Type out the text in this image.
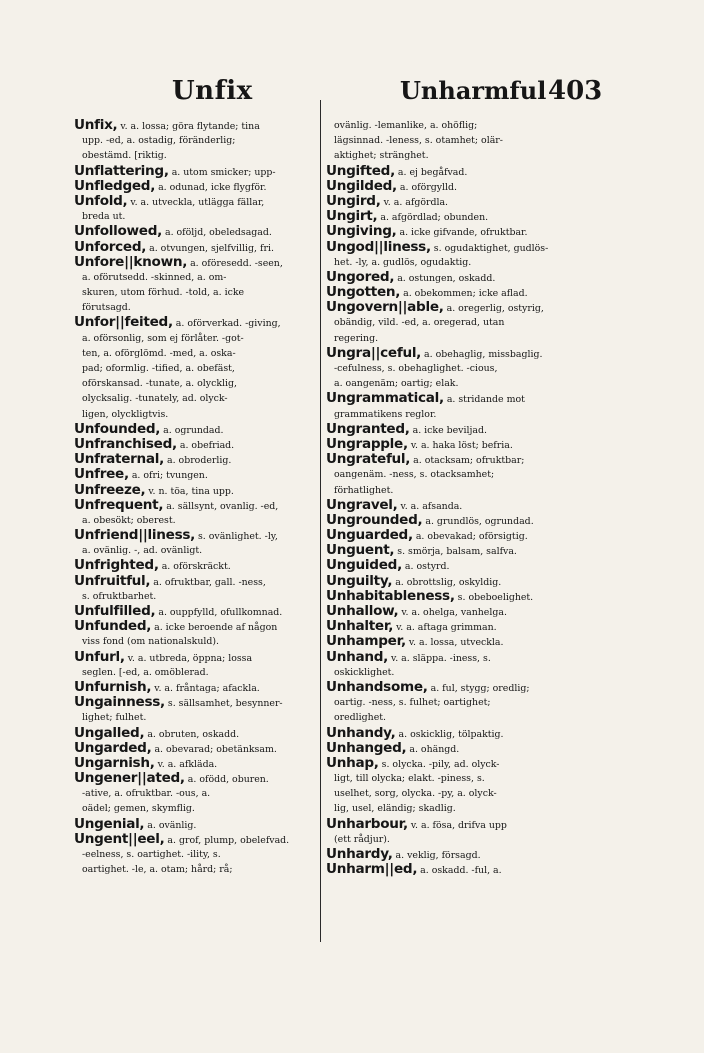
Unfix	Unharmful 403
Unfix, v. a. lossa; göra flytande; tina
upp. -ed, a. ostadig, föränderlig;
obestämd. [riktig.
Unflattering, a. utom smicker; upp-
Unfledged, a. odunad, icke flygför.
Unfold, v. a. utveckla, utlägga fällar,
breda ut.
Unfollowed, a. oföljd, obeledsagad.
Unforced, a. otvungen, sjelfvillig, fri.
Unfore||known, a. oföresedd. -seen,
a. oförutsedd. -skinned, a. om-
skuren, utom förhud. -told, a. icke
förutsagd.
Unfor||feited, a. oförverkad. -giving,
a. oförsonlig, som ej förlåter. -got-
ten, a. oförglömd. -med, a. oska-
pad; oformlig. -tified, a. obefäst,
oförskansad. -tunate, a. olycklig,
olycksalig. -tunately, ad. olyck-
ligen, olyckligtvis.
Unfounded, a. ogrundad.
Unfranchised, a. obefriad.
Unfraternal, a. obroderlig.
Unfree, a. ofri; tvungen.
Unfreeze, v. n. töa, tina upp.
Unfrequent, a. sällsynt, ovanlig. -ed,
a. obesökt; oberest.
Unfriend||liness, s. ovänlighet. -ly,
a. ovänlig. -, ad. ovänligt.
Unfrighted, a. oförskräckt.
Unfruitful, a. ofruktbar, gall. -ness,
s. ofruktbarhet.
Unfulfilled, a. ouppfylld, ofullkomnad.
Unfunded, a. icke beroende af någon
viss fond (om nationalskuld).
Unfurl, v. a. utbreda, öppna; lossa
seglen. [-ed, a. omöblerad.
Unfurnish, v. a. fråntaga; afackla.
Ungainness, s. sällsamhet, besynner-
lighet; fulhet.
Ungalled, a. obruten, oskadd.
Ungarded, a. obevarad; obetänksam.
Ungarnish, v. a. afkläda.
Ungener||ated, a. ofödd, oburen.
-ative, a. ofruktbar. -ous, a.
oädel; gemen, skymflig.
Ungenial, a. ovänlig.
Ungent||eel, a. grof, plump, obelefvad.
-eelness, s. oartighet. -ility, s.
oartighet. -le, a. otam; hård; rå;
ovänlig. -lemanlike, a. ohöflig;
lägsinnad. -leness, s. otamhet; olär-
aktighet; stränghet.
Ungifted, a. ej begåfvad.
Ungilded, a. oförgylld.
Ungird, v. a. afgördla.
Ungirt, a. afgördlad; obunden.
Ungiving, a. icke gifvande, ofruktbar.
Ungod||liness, s. ogudaktighet, gudlös-
het. -ly, a. gudlös, ogudaktig.
Ungored, a. ostungen, oskadd.
Ungotten, a. obekommen; icke aflad.
Ungovern||able, a. oregerlig, ostyrig,
obändig, vild. -ed, a. oregerad, utan
regering.
Ungra||ceful, a. obehaglig, missbaglig.
-cefulness, s. obehaglighet. -cious,
a. oangenäm; oartig; elak.
Ungrammatical, a. stridande mot
grammatikens reglor.
Ungranted, a. icke beviljad.
Ungrapple, v. a. haka löst; befria.
Ungrateful, a. otacksam; ofruktbar;
oangenäm. -ness, s. otacksamhet;
förhatlighet.
Ungravel, v. a. afsanda.
Ungrounded, a. grundlös, ogrundad.
Unguarded, a. obevakad; oförsigtig.
Unguent, s. smörja, balsam, salfva.
Unguided, a. ostyrd.
Unguilty, a. obrottslig, oskyldig.
Unhabitableness, s. obeboelighet.
Unhallow, v. a. ohelga, vanhelga.
Unhalter, v. a. aftaga grimman.
Unhamper, v. a. lossa, utveckla.
Unhand, v. a. släppa. -iness, s.
oskicklighet.
Unhandsome, a. ful, stygg; oredlig;
oartig. -ness, s. fulhet; oartighet;
oredlighet.
Unhandy, a. oskicklig, tölpaktig.
Unhanged, a. ohängd.
Unhap, s. olycka. -pily, ad. olyck-
ligt, till olycka; elakt. -piness, s.
uselhet, sorg, olycka. -py, a. olyck-
lig, usel, eländig; skadlig.
Unharbour, v. a. fösa, drifva upp
(ett rådjur).
Unhardy, a. veklig, försagd.
Unharm||ed, a. oskadd. -ful, a.
